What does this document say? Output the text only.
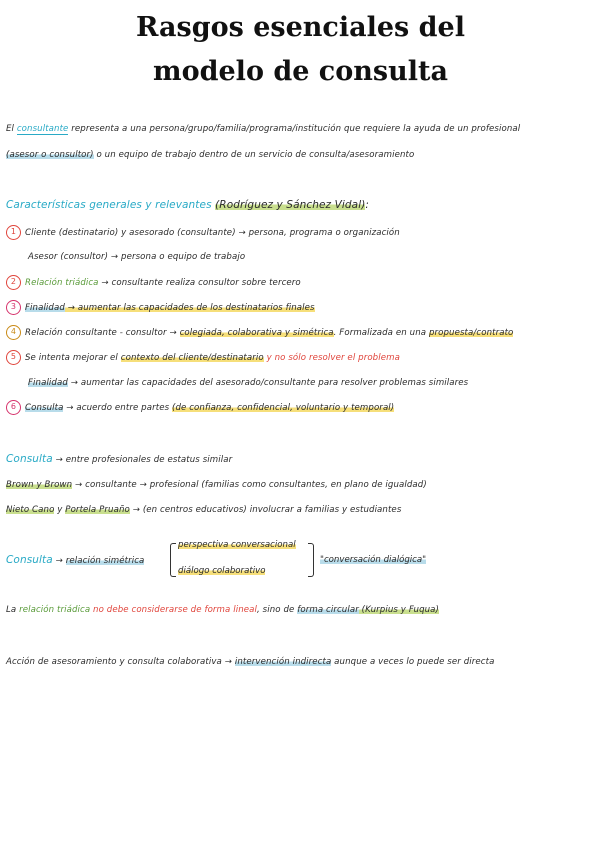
Rasgos esenciales del
modelo de consulta
El consultante representa a una persona/grupo/familia/programa/institución que requiere la ayuda de un profesional
(asesor o consultor) o un equipo de trabajo dentro de un servicio de consulta/asesoramiento
Características generales y relevantes (Rodríguez y Sánchez Vidal):
1 Cliente (destinatario) y asesorado (consultante) → persona, programa o organización
Asesor (consultor) → persona o equipo de trabajo
2 Relación triádica → consultante realiza consultor sobre tercero
3 Finalidad → aumentar las capacidades de los destinatarios finales
4 Relación consultante - consultor → colegiada, colaborativa y simétrica. Formalizada en una propuesta/contrato
5 Se intenta mejorar el contexto del cliente/destinatario y no sólo resolver el problema
Finalidad → aumentar las capacidades del asesorado/consultante para resolver problemas similares
6 Consulta → acuerdo entre partes (de confianza, confidencial, voluntario y temporal)
Consulta → entre profesionales de estatus similar
Brown y Brown → consultante → profesional (familias como consultantes, en plano de igualdad)
Nieto Cano y Portela Pruaño → (en centros educativos) involucrar a familias y estudiantes
Consulta → relación simétrica
perspectiva conversacional
diálogo colaborativo
"conversación dialógica"
La relación triádica no debe considerarse de forma lineal, sino de forma circular (Kurpius y Fuqua)
Acción de asesoramiento y consulta colaborativa → intervención indirecta aunque a veces lo puede ser directa
